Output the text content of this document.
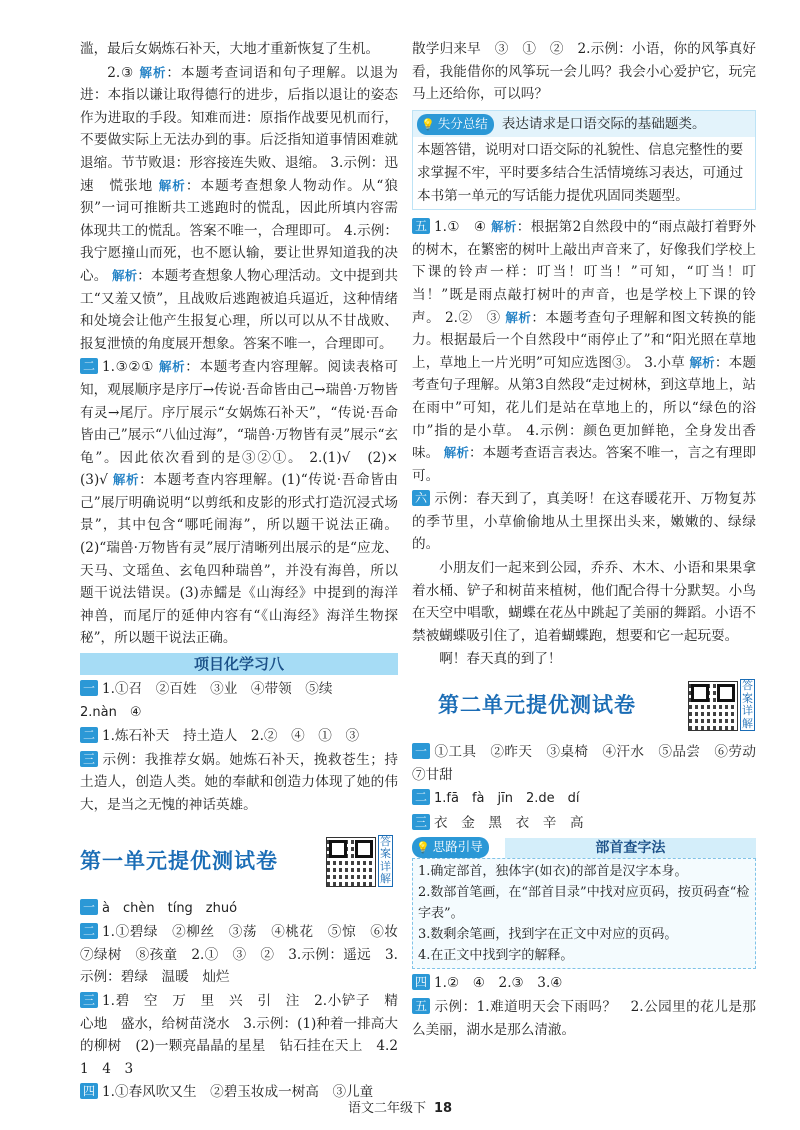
滥，最后女娲炼石补天，大地才重新恢复了生机。
2.③ 解析：本题考查词语和句子理解。以退为进：本指以谦让取得德行的进步，后指以退让的姿态作为进取的手段。知难而进：原指作战要见机而行，不要做实际上无法办到的事。后泛指知道事情困难就退缩。节节败退：形容接连失败、退缩。 3.示例：迅速　慌张地 解析：本题考查想象人物动作。从“狼狈”一词可推断共工逃跑时的慌乱，因此所填内容需体现共工的慌乱。答案不唯一，合理即可。 4.示例：我宁愿撞山而死，也不愿认输，要让世界知道我的决心。 解析：本题考查想象人物心理活动。文中提到共工“又羞又愤”，且战败后逃跑被追兵逼近，这种情绪和处境会让他产生报复心理，所以可以从不甘战败、报复泄愤的角度展开想象。答案不唯一，合理即可。
二 1.③②① 解析：本题考查内容理解。阅读表格可知，观展顺序是序厅→传说·吾命皆由己→瑞兽·万物皆有灵→尾厅。序厅展示“女娲炼石补天”，“传说·吾命皆由己”展示“八仙过海”，“瑞兽·万物皆有灵”展示“玄龟”。因此依次看到的是③②①。 2.(1)√　(2)×　(3)√ 解析：本题考查内容理解。(1)“传说·吾命皆由己”展厅明确说明“以剪纸和皮影的形式打造沉浸式场景”，其中包含“哪吒闹海”，所以题干说法正确。(2)“瑞兽·万物皆有灵”展厅清晰列出展示的是“应龙、天马、文瑶鱼、玄龟四种瑞兽”，并没有海兽，所以题干说法错误。(3)赤鱬是《山海经》中提到的海洋神兽，而尾厅的延伸内容有“《山海经》海洋生物探秘”，所以题干说法正确。
项目化学习八
一 1.①召　②百姓　③业　④带领　⑤续
2.nàn　④
二 1.炼石补天　持土造人　2.②　④　①　③
三 示例：我推荐女娲。她炼石补天，挽救苍生；持土造人，创造人类。她的奉献和创造力体现了她的伟大，是当之无愧的神话英雄。
第一单元提优测试卷
答案详解
一 à　chèn　tíng　zhuó
二 1.①碧绿　②柳丝　③荡　④桃花　⑤惊　⑥妆　⑦绿树　⑧孩童　2.①　③　②　3.示例：遥远　3.示例：碧绿　温暖　灿烂
三 1.碧　空　万　里　兴　引　注　2.小铲子　精心地　盛水，给树苗浇水　3.示例：(1)种着一排高大的柳树　(2)一颗亮晶晶的星星　钻石挂在天上　4.2　1　4　3
四 1.①春风吹又生　②碧玉妆成一树高　③儿童
散学归来早　③　①　②　2.示例：小语，你的风筝真好看，我能借你的风筝玩一会儿吗？我会小心爱护它，玩完马上还给你，可以吗？
💡 失分总结 表达请求是口语交际的基础题类。
本题答错，说明对口语交际的礼貌性、信息完整性的要求掌握不牢，平时要多结合生活情境练习表达，可通过本书第一单元的写话能力提优巩固同类题型。
五 1.①　④ 解析：根据第2自然段中的“雨点敲打着野外的树木，在繁密的树叶上敲出声音来了，好像我们学校上下课的铃声一样：叮当！叮当！”可知，“叮当！叮当！”既是雨点敲打树叶的声音，也是学校上下课的铃声。 2.②　③ 解析：本题考查句子理解和图文转换的能力。根据最后一个自然段中“雨停止了”和“阳光照在草地上，草地上一片光明”可知应选图③。 3.小草 解析：本题考查句子理解。从第3自然段“走过树林，到这草地上，站在雨中”可知，花儿们是站在草地上的，所以“绿色的浴巾”指的是小草。 4.示例：颜色更加鲜艳，全身发出香味。 解析：本题考查语言表达。答案不唯一，言之有理即可。
六 示例：春天到了，真美呀！在这春暖花开、万物复苏的季节里，小草偷偷地从土里探出头来，嫩嫩的、绿绿的。
小朋友们一起来到公园，乔乔、木木、小语和果果拿着水桶、铲子和树苗来植树，他们配合得十分默契。小鸟在天空中唱歌，蝴蝶在花丛中跳起了美丽的舞蹈。小语不禁被蝴蝶吸引住了，追着蝴蝶跑，想要和它一起玩耍。
啊！春天真的到了！
第二单元提优测试卷
答案详解
一 ①工具　②昨天　③桌椅　④汗水　⑤品尝　⑥劳动　⑦甘甜
二 1.fā　fà　jīn　2.de　dí
三 衣　金　黑　衣　辛　高
💡 思路引导	部首查字法
1.确定部首，独体字(如衣)的部首是汉字本身。
2.数部首笔画，在“部首目录”中找对应页码，按页码查“检字表”。
3.数剩余笔画，找到字在正文中对应的页码。
4.在正文中找到字的解释。
四 1.②　④　2.③　3.④
五 示例：1.难道明天会下雨吗？　2.公园里的花儿是那么美丽，湖水是那么清澈。
语文二年级下 18
